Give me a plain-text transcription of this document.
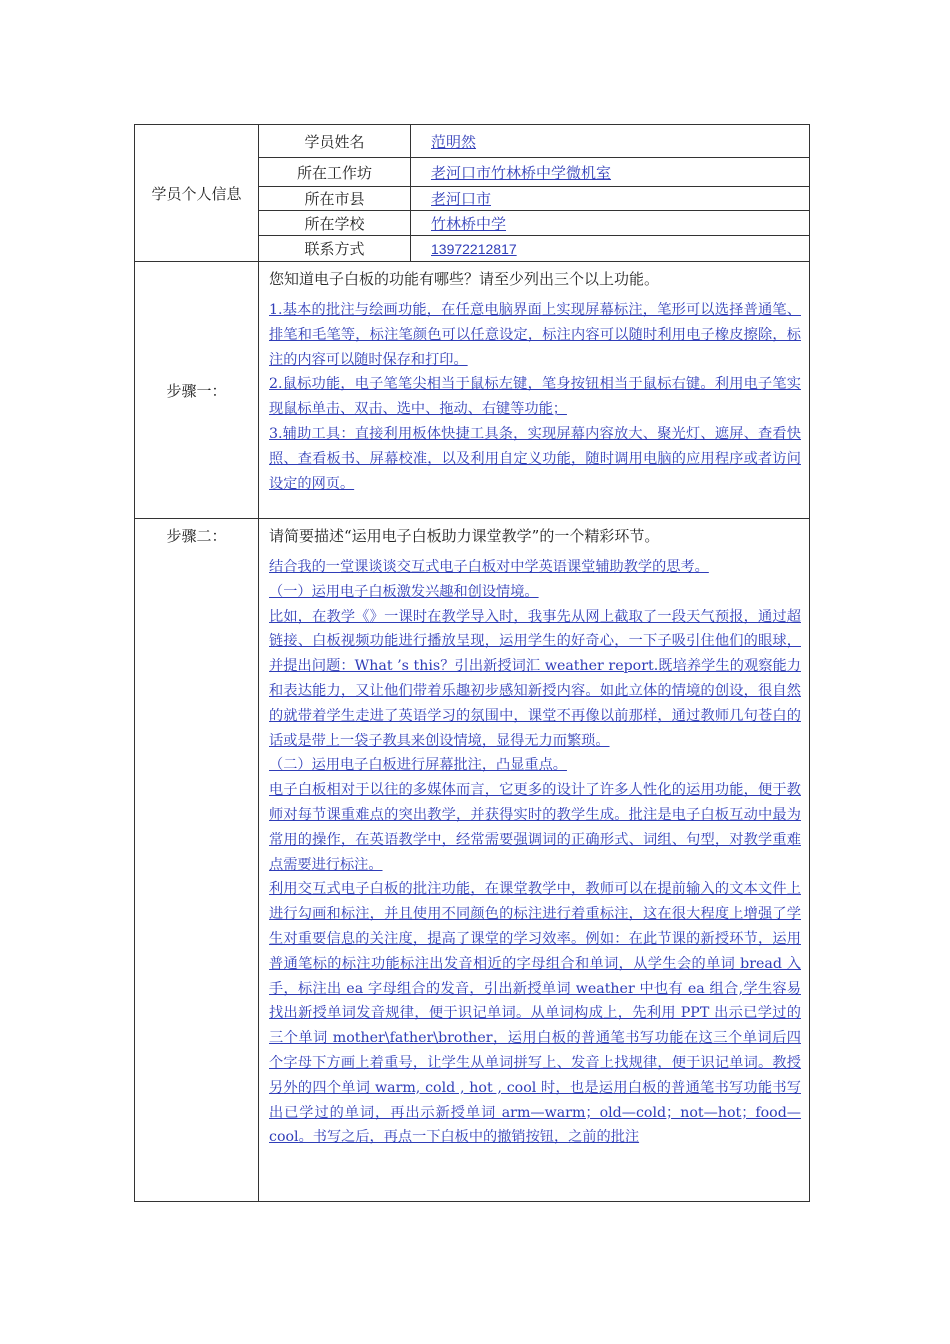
学员个人信息
学员姓名	范明然
所在工作坊	老河口市竹林桥中学微机室
所在市县	老河口市
所在学校	竹林桥中学
联系方式	13972212817
步骤一：

您知道电子白板的功能有哪些？请至少列出三个以上功能。

1.基本的批注与绘画功能，在任意电脑界面上实现屏幕标注，笔形可以选择普通笔、排笔和毛笔等，标注笔颜色可以任意设定，标注内容可以随时利用电子橡皮擦除，标注的内容可以随时保存和打印。

2.鼠标功能，电子笔笔尖相当于鼠标左键，笔身按钮相当于鼠标右键。利用电子笔实现鼠标单击、双击、选中、拖动、右键等功能；

3.辅助工具：直接利用板体快捷工具条，实现屏幕内容放大、聚光灯、遮屏、查看快照、查看板书、屏幕校准，以及利用自定义功能，随时调用电脑的应用程序或者访问设定的网页。

步骤二：	请简要描述“运用电子白板助力课堂教学”的一个精彩环节。

结合我的一堂课谈谈交互式电子白板对中学英语课堂辅助教学的思考。

（一）运用电子白板激发兴趣和创设情境。

比如，在教学《》一课时在教学导入时，我事先从网上截取了一段天气预报，通过超链接、白板视频功能进行播放呈现，运用学生的好奇心，一下子吸引住他们的眼球，并提出问题：What ’s this？引出新授词汇 weather report.既培养学生的观察能力和表达能力，又让他们带着乐趣初步感知新授内容。如此立体的情境的创设，很自然的就带着学生走进了英语学习的氛围中，课堂不再像以前那样，通过教师几句苍白的话或是带上一袋子教具来创设情境，显得无力而繁琐。

（二）运用电子白板进行屏幕批注，凸显重点。

电子白板相对于以往的多媒体而言，它更多的设计了许多人性化的运用功能，便于教师对每节课重难点的突出教学，并获得实时的教学生成。批注是电子白板互动中最为常用的操作，在英语教学中，经常需要强调词的正确形式、词组、句型，对教学重难点需要进行标注。

利用交互式电子白板的批注功能，在课堂教学中，教师可以在提前输入的文本文件上进行勾画和标注，并且使用不同颜色的标注进行着重标注，这在很大程度上增强了学生对重要信息的关注度，提高了课堂的学习效率。例如：在此节课的新授环节，运用普通笔标的标注功能标注出发音相近的字母组合和单词，从学生会的单词 bread 入手，标注出 ea 字母组合的发音，引出新授单词 weather 中也有 ea 组合,学生容易找出新授单词发音规律，便于识记单词。从单词构成上，先利用 PPT 出示已学过的三个单词 mother\father\brother，运用白板的普通笔书写功能在这三个单词后四个字母下方画上着重号，让学生从单词拼写上、发音上找规律，便于识记单词。教授另外的四个单词 warm, cold , hot , cool 时，也是运用白板的普通笔书写功能书写出已学过的单词，再出示新授单词 arm—warm；old—cold；not—hot；food—cool。书写之后，再点一下白板中的撤销按钮，之前的批注
